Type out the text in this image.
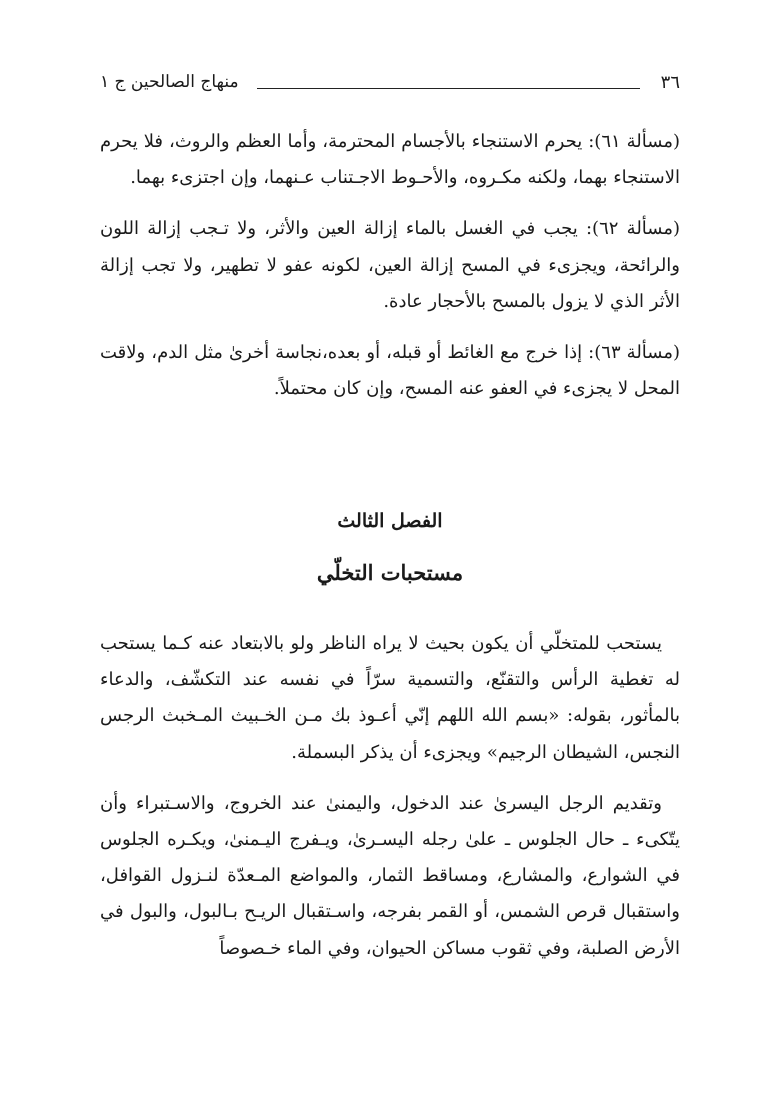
٣٦
منهاج الصالحين ج ١

(مسألة ٦١): يحرم الاستنجاء بالأجسام المحترمة، وأما العظم والروث، فلا يحرم الاستنجاء بهما، ولكنه مكـروه، والأحـوط الاجـتناب عـنهما، وإن اجتزىء بهما.

(مسألة ٦٢): يجب في الغسل بالماء إزالة العين والأثر، ولا تـجب إزالة اللون والرائحة، ويجزىء في المسح إزالة العين، لكونه عفو لا تطهير، ولا تجب إزالة الأثر الذي لا يزول بالمسح بالأحجار عادة.

(مسألة ٦٣): إذا خرج مع الغائط أو قبله، أو بعده،نجاسة أخرىٰ مثل الدم، ولاقت المحل لا يجزىء في العفو عنه المسح، وإن كان محتملاً.

الفصل الثالث
مستحبات التخلّي

يستحب للمتخلّي أن يكون بحيث لا يراه الناظر ولو بالابتعاد عنه كـما يستحب له تغطية الرأس والتقنّع، والتسمية سرّاً في نفسه عند التكشّف، والدعاء بالمأثور، بقوله: «بسم الله اللهم إنّي أعـوذ بك مـن الخـبيث المـخبث الرجس النجس، الشيطان الرجيم» ويجزىء أن يذكر البسملة.

وتقديم الرجل اليسرىٰ عند الدخول، واليمنىٰ عند الخروج، والاسـتبراء وأن يتّكىء ـ حال الجلوس ـ علىٰ رجله اليسـرىٰ، ويـفرج اليـمنىٰ، ويكـره الجلوس في الشوارع، والمشارع، ومساقط الثمار، والمواضع المـعدّة لنـزول القوافل، واستقبال قرص الشمس، أو القمر بفرجه، واسـتقبال الريـح بـالبول، والبول في الأرض الصلبة، وفي ثقوب مساكن الحيوان، وفي الماء خـصوصاً
